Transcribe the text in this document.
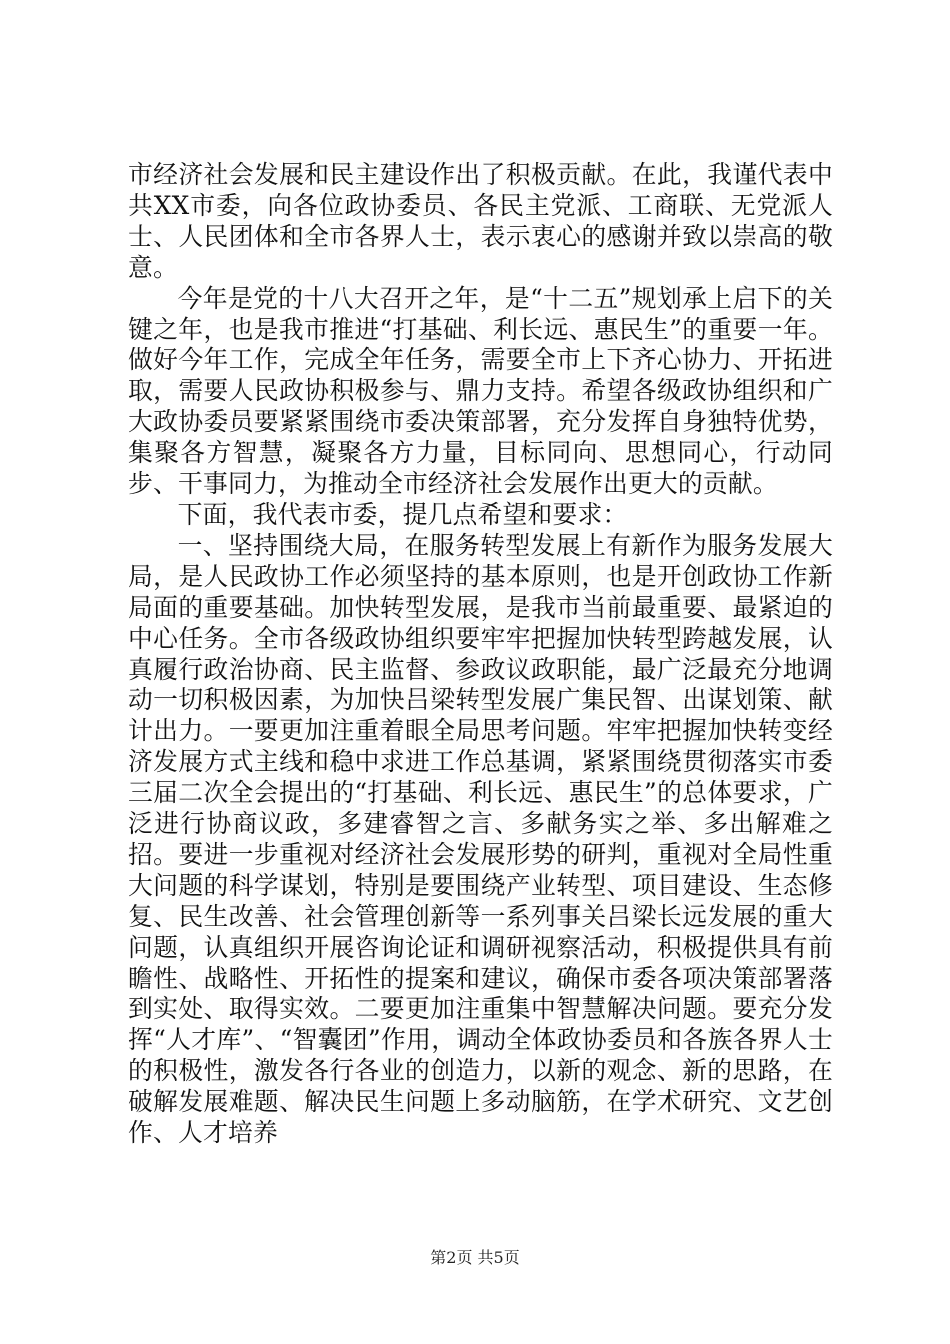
市经济社会发展和民主建设作出了积极贡献。在此，我谨代表中共XX市委，向各位政协委员、各民主党派、工商联、无党派人士、人民团体和全市各界人士，表示衷心的感谢并致以崇高的敬意。

今年是党的十八大召开之年，是“十二五”规划承上启下的关键之年，也是我市推进“打基础、利长远、惠民生”的重要一年。做好今年工作，完成全年任务，需要全市上下齐心协力、开拓进取，需要人民政协积极参与、鼎力支持。希望各级政协组织和广大政协委员要紧紧围绕市委决策部署，充分发挥自身独特优势，集聚各方智慧，凝聚各方力量，目标同向、思想同心，行动同步、干事同力，为推动全市经济社会发展作出更大的贡献。

下面，我代表市委，提几点希望和要求：

一、坚持围绕大局，在服务转型发展上有新作为服务发展大局，是人民政协工作必须坚持的基本原则，也是开创政协工作新局面的重要基础。加快转型发展，是我市当前最重要、最紧迫的中心任务。全市各级政协组织要牢牢把握加快转型跨越发展，认真履行政治协商、民主监督、参政议政职能，最广泛最充分地调动一切积极因素，为加快吕梁转型发展广集民智、出谋划策、献计出力。一要更加注重着眼全局思考问题。牢牢把握加快转变经济发展方式主线和稳中求进工作总基调，紧紧围绕贯彻落实市委三届二次全会提出的“打基础、利长远、惠民生”的总体要求，广泛进行协商议政，多建睿智之言、多献务实之举、多出解难之招。要进一步重视对经济社会发展形势的研判，重视对全局性重大问题的科学谋划，特别是要围绕产业转型、项目建设、生态修复、民生改善、社会管理创新等一系列事关吕梁长远发展的重大问题，认真组织开展咨询论证和调研视察活动，积极提供具有前瞻性、战略性、开拓性的提案和建议，确保市委各项决策部署落到实处、取得实效。二要更加注重集中智慧解决问题。要充分发挥“人才库”、“智囊团”作用，调动全体政协委员和各族各界人士的积极性，激发各行各业的创造力，以新的观念、新的思路，在破解发展难题、解决民生问题上多动脑筋，在学术研究、文艺创作、人才培养

第2页 共5页
